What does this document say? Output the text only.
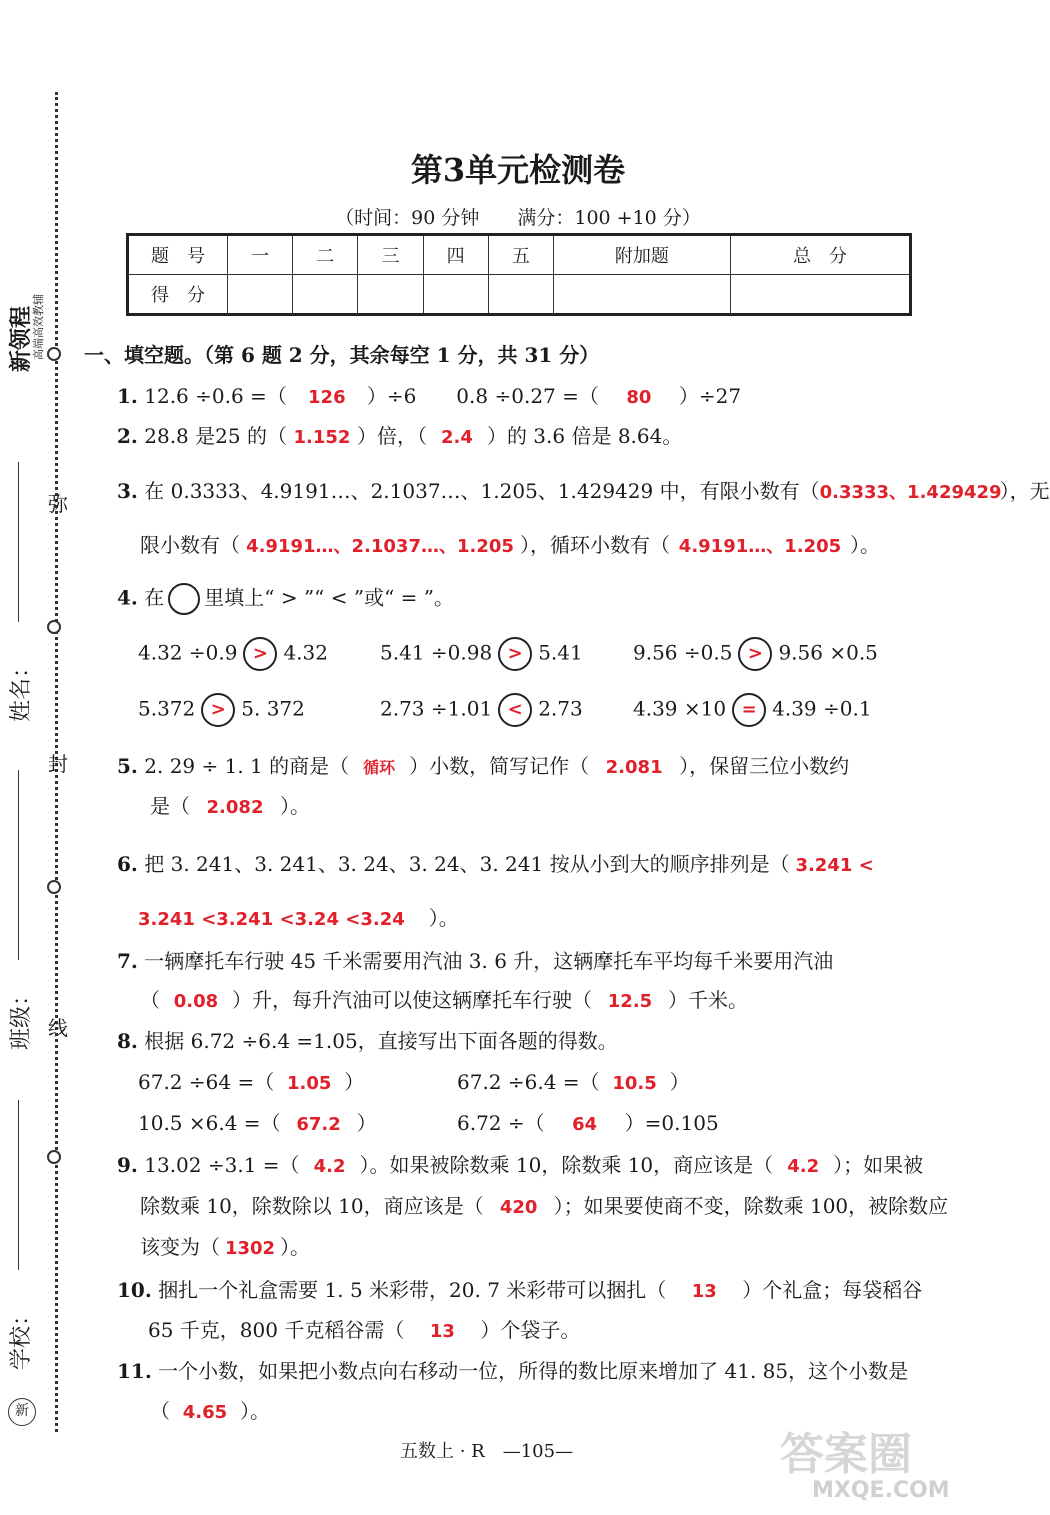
弥
封
线
新领程
高端高效教辅
姓名：
班级：
学校：
新
第3单元检测卷
（时间：90 分钟　　满分：100 +10 分）
题　号	一	二	三	四	五	附加题	总　分
得　分							
一、填空题。（第 6 题 2 分，其余每空 1 分，共 31 分）
1. 12.6 ÷0.6 =（ 126 ）÷6　　0.8 ÷0.27 =（ 80 ）÷27
2. 28.8 是25 的（ 1.152 ）倍，（ 2.4 ）的 3.6 倍是 8.64。
3. 在 0.3333、4.9191…、2.1037…、1.205、1.429429 中，有限小数有（0.3333、1.429429），无
限小数有（ 4.9191…、2.1037…、1.205 ），循环小数有（ 4.9191…、1.205 ）。
4. 在 里填上“ > ”“ < ”或“ = ”。
4.32 ÷0.9 > 4.32	5.41 ÷0.98 > 5.41	9.56 ÷0.5 > 9.56 ×0.5
5.372 > 5. 372	2.73 ÷1.01 < 2.73	4.39 ×10 = 4.39 ÷0.1
5. 2. 29 ÷ 1. 1 的商是（ 循环 ）小数，简写记作（ 2.081 ），保留三位小数约
是（ 2.082 ）。
6. 把 3. 241、3. 241、3. 24、3. 24、3. 241 按从小到大的顺序排列是（ 3.241 <
3.241 <3.241 <3.24 <3.24 ）。
7. 一辆摩托车行驶 45 千米需要用汽油 3. 6 升，这辆摩托车平均每千米要用汽油
（ 0.08 ）升，每升汽油可以使这辆摩托车行驶（ 12.5 ）千米。
8. 根据 6.72 ÷6.4 =1.05，直接写出下面各题的得数。
67.2 ÷64 =（ 1.05 ）	67.2 ÷6.4 =（ 10.5 ）
10.5 ×6.4 =（ 67.2 ）	6.72 ÷（ 64 ）=0.105
9. 13.02 ÷3.1 =（ 4.2 ）。如果被除数乘 10，除数乘 10，商应该是（ 4.2 ）；如果被
除数乘 10，除数除以 10，商应该是（ 420 ）；如果要使商不变，除数乘 100，被除数应
该变为（ 1302 ）。
10. 捆扎一个礼盒需要 1. 5 米彩带，20. 7 米彩带可以捆扎（ 13 ）个礼盒；每袋稻谷
65 千克，800 千克稻谷需（ 13 ）个袋子。
11. 一个小数，如果把小数点向右移动一位，所得的数比原来增加了 41. 85，这个小数是
（ 4.65 ）。
五数上 · R　—105—	答案圈
MXQE.COM
